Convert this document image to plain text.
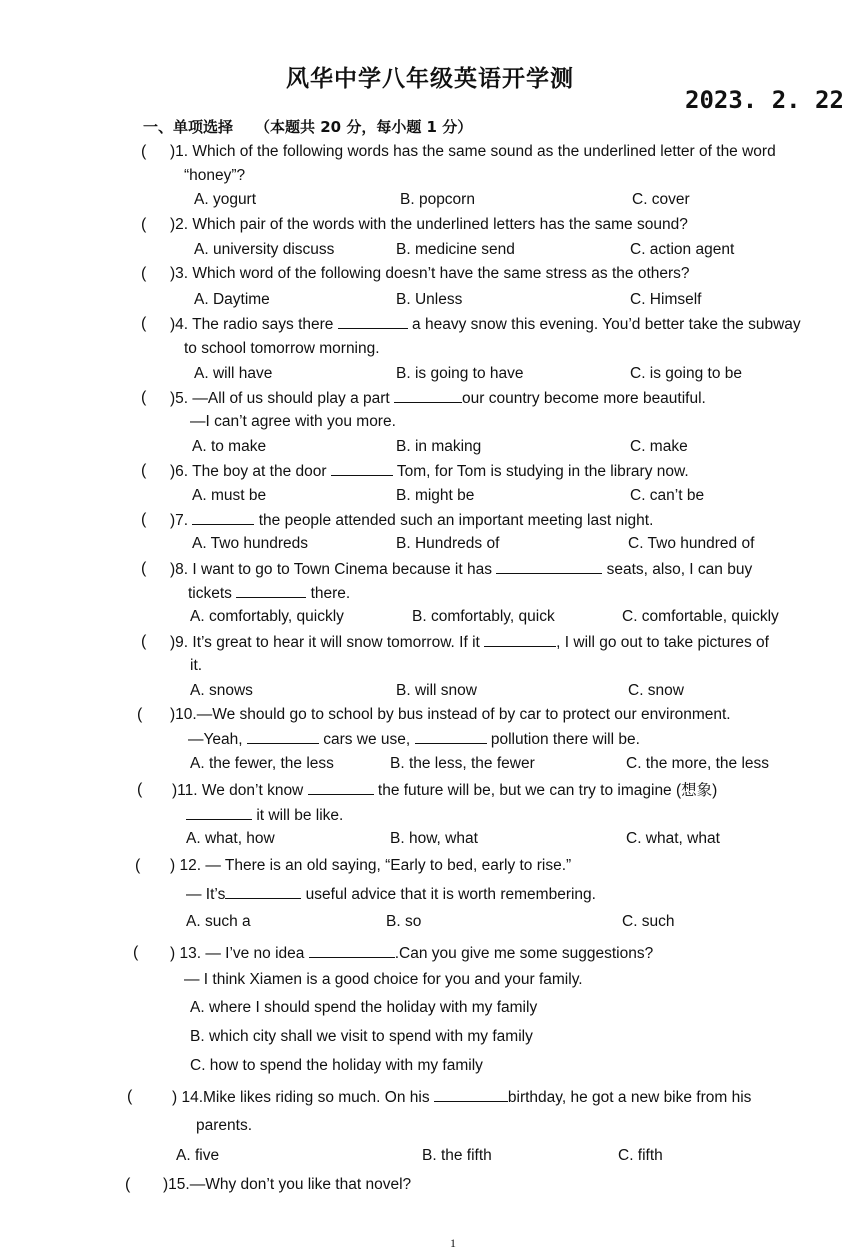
风华中学八年级英语开学测
2023. 2. 22
一、单项选择 （本题共 20 分，每小题 1 分）
( )1. Which of the following words has the same sound as the underlined letter of the word
“honey”?
A. yogurt	B. popcorn	C. cover
( )2. Which pair of the words with the underlined letters has the same sound?
A. university discuss	B. medicine send	C. action agent
( )3. Which word of the following doesn’t have the same stress as the others?
A. Daytime	B. Unless	C. Himself
( )4. The radio says there	a heavy snow this evening. You’d better take the subway
to school tomorrow morning.
A. will have	B. is going to have	C. is going to be
( )5. —All of us should play a part	our country become more beautiful.
—I can’t agree with you more.
A. to make	B. in making	C. make
( )6. The boy at the door	Tom, for Tom is studying in the library now.
A. must be	B. might be	C. can’t be
( )7.	the people attended such an important meeting last night.
A. Two hundreds	B. Hundreds of	C. Two hundred of
( )8. I want to go to Town Cinema because it has	seats, also, I can buy
tickets	there.
A. comfortably, quickly	B. comfortably, quick	C. comfortable, quickly
( )9. It’s great to hear it will snow tomorrow. If it	, I will go out to take pictures of
it.
A. snows	B. will snow	C. snow
( )10.—We should go to school by bus instead of by car to protect our environment.
—Yeah,	cars we use,	pollution there will be.
A. the fewer, the less	B. the less, the fewer	C. the more, the less
( )11. We don’t know	the future will be, but we can try to imagine (想象)
it will be like.
A. what, how	B. how, what	C. what, what
( ) 12. — There is an old saying, “Early to bed, early to rise.”
— It’s	useful advice that it is worth remembering.
A. such a	B. so	C. such
( ) 13. — I’ve no idea	.Can you give me some suggestions?
— I think Xiamen is a good choice for you and your family.
A. where I should spend the holiday with my family
B. which city shall we visit to spend with my family
C. how to spend the holiday with my family
(	) 14.Mike likes riding so much. On his	birthday, he got a new bike from his
parents.
A. five	B. the fifth	C. fifth
( )15.—Why don’t you like that novel?
1
